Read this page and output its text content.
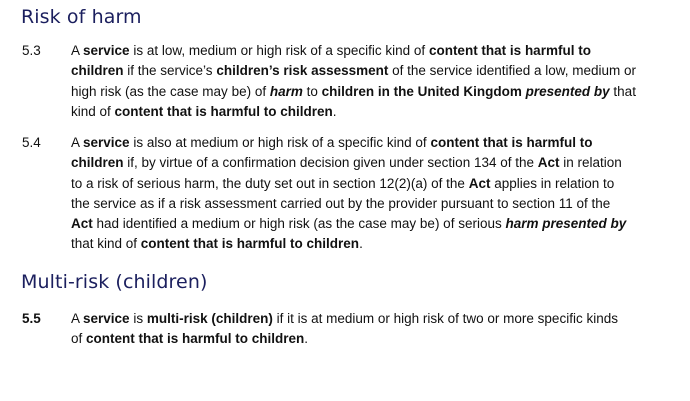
Risk of harm
5.3 A service is at low, medium or high risk of a specific kind of content that is harmful to
children if the service’s children’s risk assessment of the service identified a low, medium or
high risk (as the case may be) of harm to children in the United Kingdom presented by that
kind of content that is harmful to children.
5.4 A service is also at medium or high risk of a specific kind of content that is harmful to
children if, by virtue of a confirmation decision given under section 134 of the Act in relation
to a risk of serious harm, the duty set out in section 12(2)(a) of the Act applies in relation to
the service as if a risk assessment carried out by the provider pursuant to section 11 of the
Act had identified a medium or high risk (as the case may be) of serious harm presented by
that kind of content that is harmful to children.
Multi-risk (children)
5.5 A service is multi-risk (children) if it is at medium or high risk of two or more specific kinds
of content that is harmful to children.
